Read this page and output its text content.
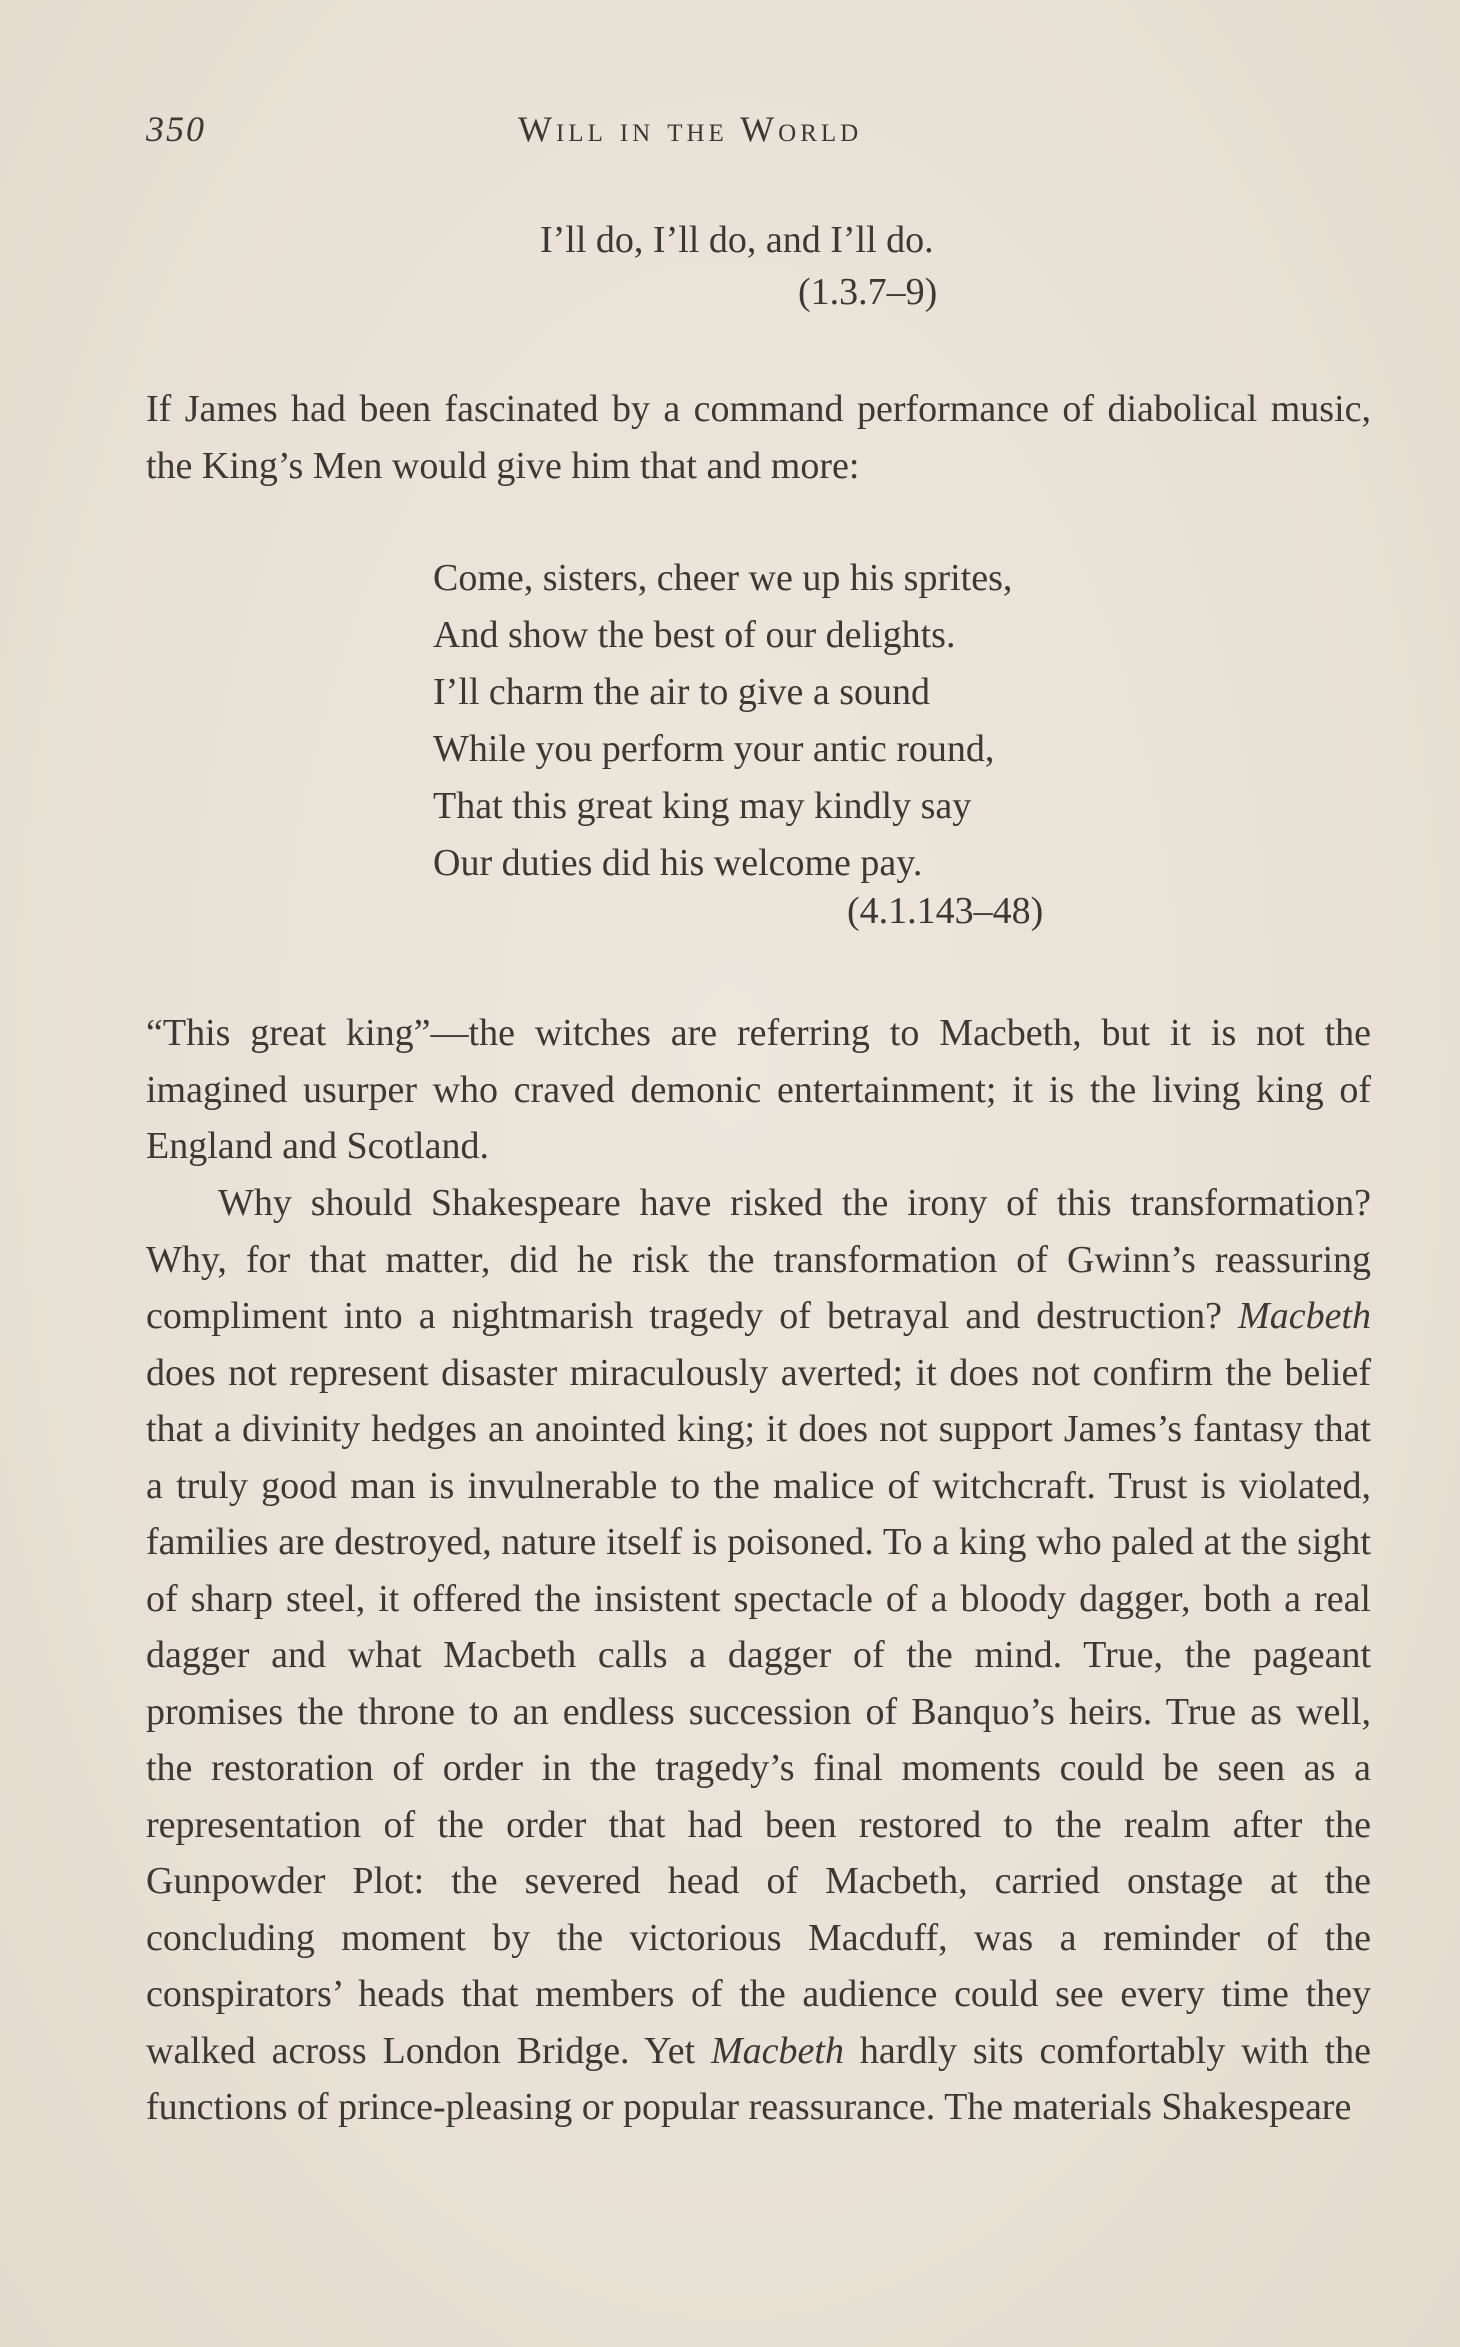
350	Will in the World
I’ll do, I’ll do, and I’ll do.
(1.3.7–9)

If James had been fascinated by a command performance of diabolical music, the King’s Men would give him that and more:

Come, sisters, cheer we up his sprites,
And show the best of our delights.
I’ll charm the air to give a sound
While you perform your antic round,
That this great king may kindly say
Our duties did his welcome pay.
(4.1.143–48)

“This great king”—the witches are referring to Macbeth, but it is not the imagined usurper who craved demonic entertainment; it is the living king of England and Scotland.

Why should Shakespeare have risked the irony of this transformation? Why, for that matter, did he risk the transformation of Gwinn’s reassuring compliment into a nightmarish tragedy of betrayal and destruction? Macbeth does not represent disaster miraculously averted; it does not confirm the belief that a divinity hedges an anointed king; it does not support James’s fantasy that a truly good man is invulnerable to the malice of witchcraft. Trust is violated, families are destroyed, nature itself is poisoned. To a king who paled at the sight of sharp steel, it offered the insistent spectacle of a bloody dagger, both a real dagger and what Macbeth calls a dagger of the mind. True, the pageant promises the throne to an endless succession of Banquo’s heirs. True as well, the restoration of order in the tragedy’s final moments could be seen as a representation of the order that had been restored to the realm after the Gunpowder Plot: the severed head of Macbeth, carried onstage at the concluding moment by the victorious Macduff, was a reminder of the conspirators’ heads that members of the audience could see every time they walked across London Bridge. Yet Macbeth hardly sits comfortably with the functions of prince-pleasing or popular reassurance. The materials Shakespeare
